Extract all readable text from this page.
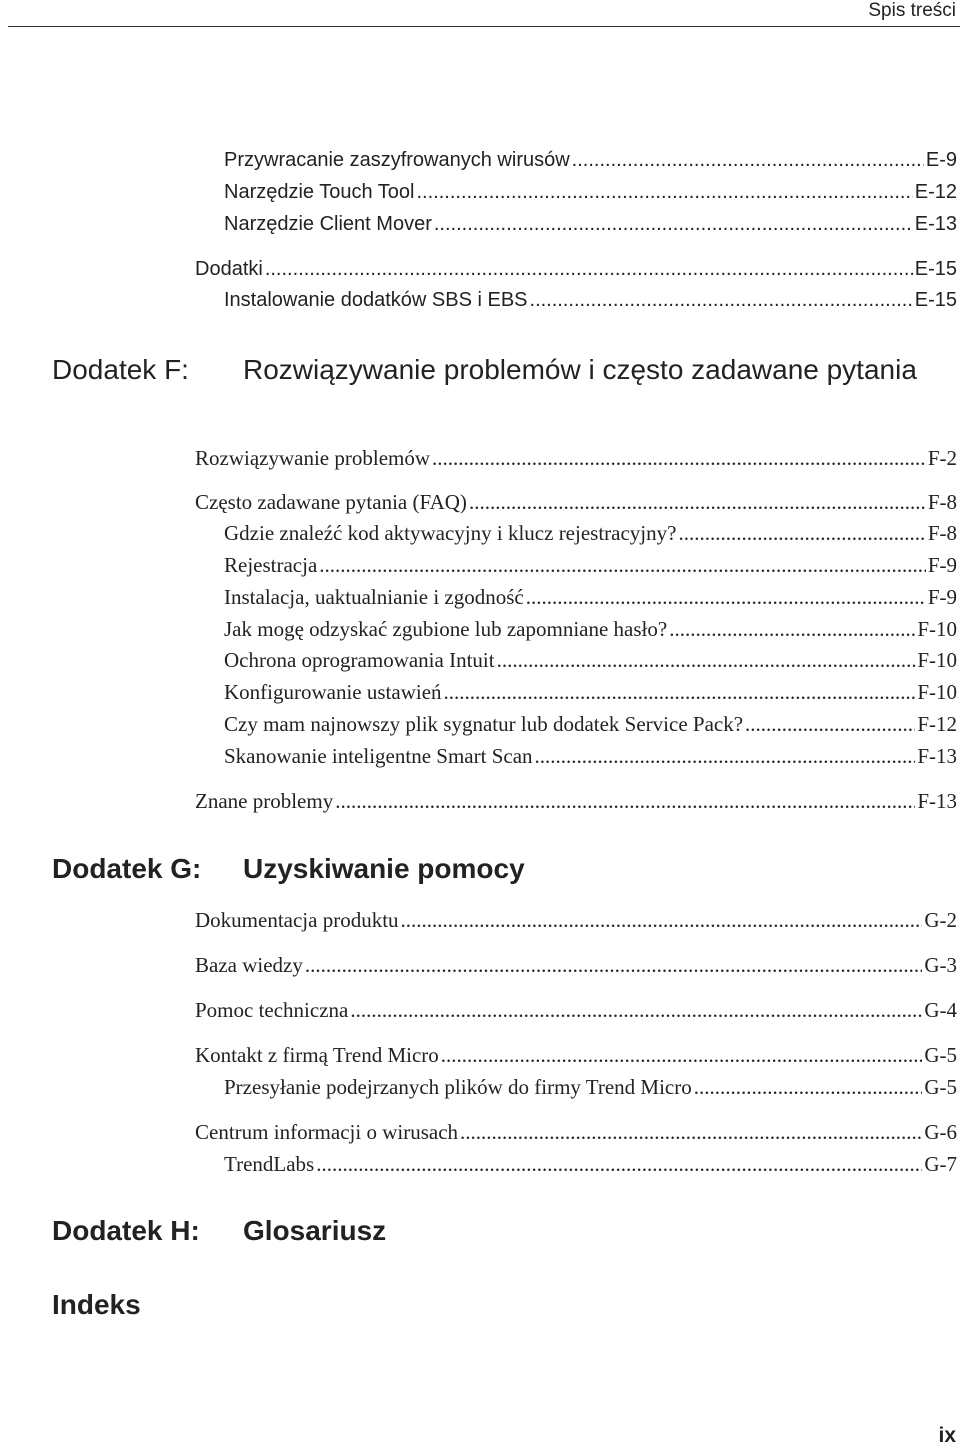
Spis treści
Przywracanie zaszyfrowanych wirusów .....	E-9
Narzędzie Touch Tool .....	E-12
Narzędzie Client Mover .....	E-13
Dodatki .....	E-15
Instalowanie dodatków SBS i EBS .....	E-15
Dodatek F: Rozwiązywanie problemów i często zadawane pytania
Rozwiązywanie problemów .....	F-2
Często zadawane pytania (FAQ) .....	F-8
Gdzie znaleźć kod aktywacyjny i klucz rejestracyjny? .....	F-8
Rejestracja .....	F-9
Instalacja, uaktualnianie i zgodność .....	F-9
Jak mogę odzyskać zgubione lub zapomniane hasło? .....	F-10
Ochrona oprogramowania Intuit .....	F-10
Konfigurowanie ustawień .....	F-10
Czy mam najnowszy plik sygnatur lub dodatek Service Pack? .....	F-12
Skanowanie inteligentne Smart Scan .....	F-13
Znane problemy .....	F-13
Dodatek G: Uzyskiwanie pomocy
Dokumentacja produktu .....	G-2
Baza wiedzy .....	G-3
Pomoc techniczna .....	G-4
Kontakt z firmą Trend Micro .....	G-5
Przesyłanie podejrzanych plików do firmy Trend Micro .....	G-5
Centrum informacji o wirusach .....	G-6
TrendLabs .....	G-7
Dodatek H: Glosariusz
Indeks
ix
